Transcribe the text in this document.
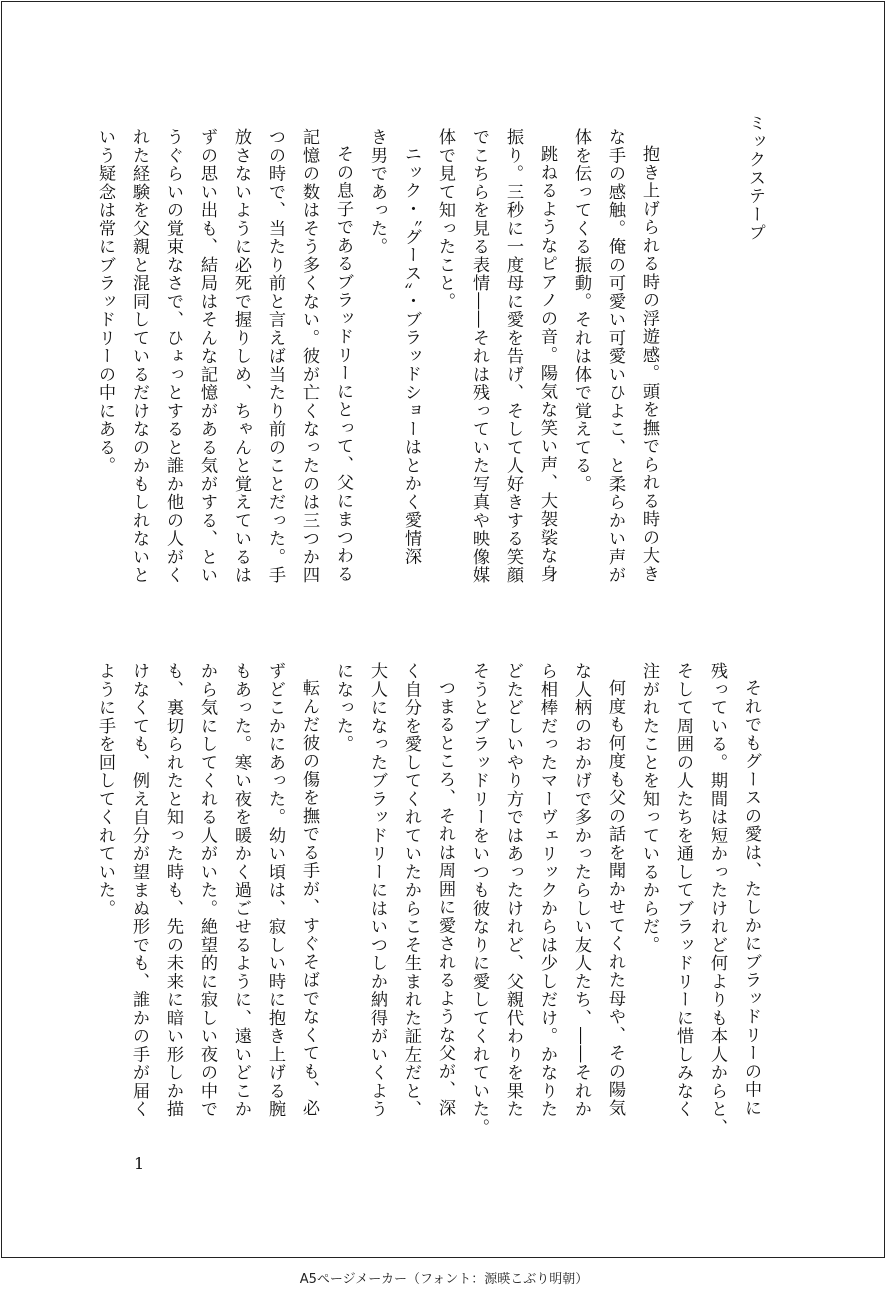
ミックステープ

抱き上げられる時の浮遊感。頭を撫でられる時の大き
な手の感触。俺の可愛い可愛いひよこ、と柔らかい声が
体を伝ってくる振動。それは体で覚えてる。

跳ねるようなピアノの音。陽気な笑い声、大袈裟な身
振り。三秒に一度母に愛を告げ、そして人好きする笑顔
でこちらを見る表情――それは残っていた写真や映像媒
体で見て知ったこと。

ニック・〝グース〟・ブラッドショーはとかく愛情深
き男であった。

その息子であるブラッドリーにとって、父にまつわる
記憶の数はそう多くない。彼が亡くなったのは三つか四
つの時で、当たり前と言えば当たり前のことだった。手
放さないように必死で握りしめ、ちゃんと覚えているは
ずの思い出も、結局はそんな記憶がある気がする、とい
うぐらいの覚束なさで、ひょっとすると誰か他の人がく
れた経験を父親と混同しているだけなのかもしれないと
いう疑念は常にブラッドリーの中にある。

それでもグースの愛は、たしかにブラッドリーの中に
残っている。期間は短かったけれど何よりも本人からと、
そして周囲の人たちを通してブラッドリーに惜しみなく
注がれたことを知っているからだ。

何度も何度も父の話を聞かせてくれた母や、その陽気
な人柄のおかげで多かったらしい友人たち、――それか
ら相棒だったマーヴェリックからは少しだけ。かなりた
どたどしいやり方ではあったけれど、父親代わりを果た
そうとブラッドリーをいつも彼なりに愛してくれていた。

つまるところ、それは周囲に愛されるような父が、深
く自分を愛してくれていたからこそ生まれた証左だと、
大人になったブラッドリーにはいつしか納得がいくよう
になった。

転んだ彼の傷を撫でる手が、すぐそばでなくても、必
ずどこかにあった。幼い頃は、寂しい時に抱き上げる腕
もあった。寒い夜を暖かく過ごせるように、遠いどこか
から気にしてくれる人がいた。絶望的に寂しい夜の中で
も、裏切られたと知った時も、先の未来に暗い形しか描
けなくても、例え自分が望まぬ形でも、誰かの手が届く
ように手を回してくれていた。

1
A5ページメーカー（フォント：源暎こぶり明朝）
